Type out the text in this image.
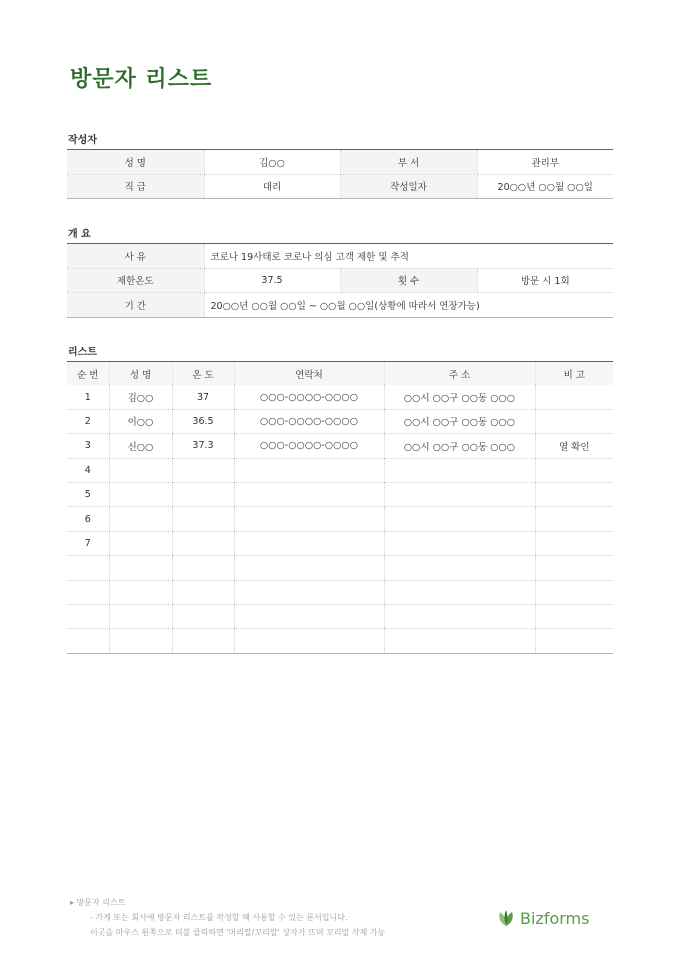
방문자 리스트
작성자
성 명	김○○	부 서	관리부
직 급	대리	작성일자	20○○년 ○○월 ○○일
개 요
사 유	코로나 19사태로 코로나 의심 고객 제한 및 추적		
제한온도	37.5	횟 수	방문 시 1회
기 간	20○○년 ○○월 ○○일 ~ ○○월 ○○일(상황에 따라서 연장가능)		
리스트
순 번	성 명	온 도	연락처	주 소	비 고
1	김○○	37	○○○-○○○○-○○○○	○○시 ○○구 ○○동 ○○○	
2	이○○	36.5	○○○-○○○○-○○○○	○○시 ○○구 ○○동 ○○○	
3	신○○	37.3	○○○-○○○○-○○○○	○○시 ○○구 ○○동 ○○○	열 확인
4					
5					
6					
7					

▸ 방문자 리스트
- 가게 또는 회사에 방문자 리스트를 작성할 때 사용할 수 있는 문서입니다.
이곳을 마우스 왼쪽으로 더블 클릭하면 '머리말/꼬리말' 상자가 뜨며 꼬리말 삭제 가능
Bizforms
